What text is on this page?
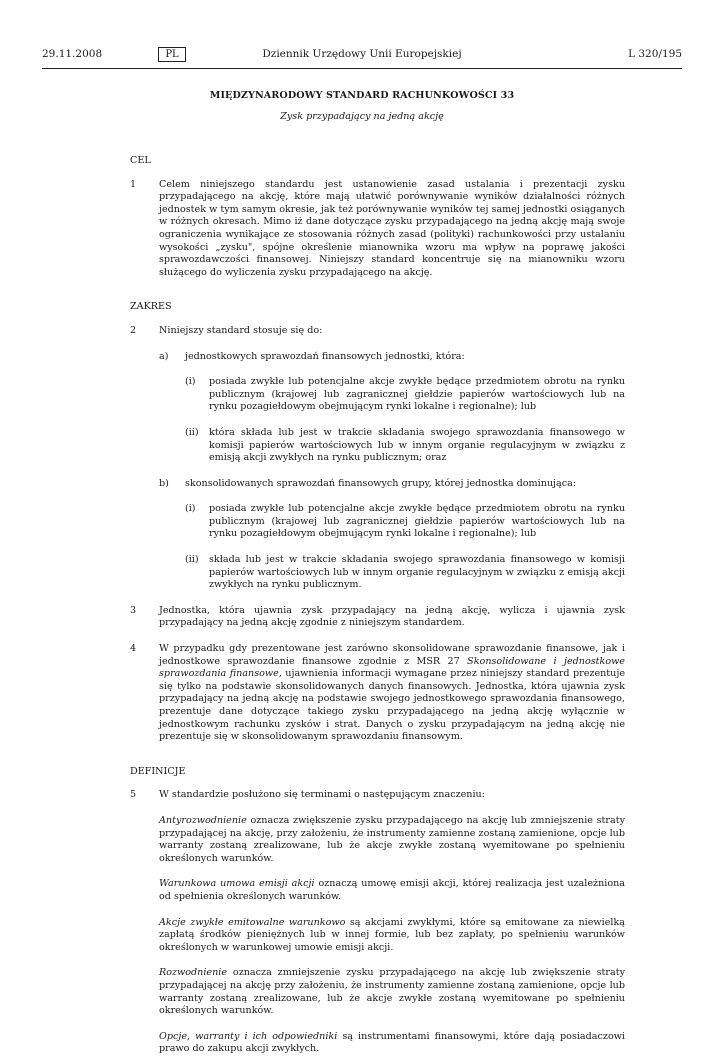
29.11.2008	PL	Dziennik Urzędowy Unii Europejskiej	L 320/195
MIĘDZYNARODOWY STANDARD RACHUNKOWOŚCI 33
Zysk przypadający na jedną akcję

CEL

1 Celem niniejszego standardu jest ustanowienie zasad ustalania i prezentacji zysku przypadającego na akcję, które mają ułatwić porównywanie wyników działalności różnych jednostek w tym samym okresie, jak też porównywanie wyników tej samej jednostki osiąganych w różnych okresach. Mimo iż dane dotyczące zysku przypadającego na jedną akcję mają swoje ograniczenia wynikające ze stosowania różnych zasad (polityki) rachunkowości przy ustalaniu wysokości „zysku", spójne określenie mianownika wzoru ma wpływ na poprawę jakości sprawozdawczości finansowej. Niniejszy standard koncentruje się na mianowniku wzoru służącego do wyliczenia zysku przypadającego na akcję.

ZAKRES

2 Niniejszy standard stosuje się do:
a) jednostkowych sprawozdań finansowych jednostki, która:
(i) posiada zwykłe lub potencjalne akcje zwykłe będące przedmiotem obrotu na rynku publicznym (krajowej lub zagranicznej giełdzie papierów wartościowych lub na rynku pozagiełdowym obejmującym rynki lokalne i regionalne); lub
(ii) która składa lub jest w trakcie składania swojego sprawozdania finansowego w komisji papierów wartościowych lub w innym organie regulacyjnym w związku z emisją akcji zwykłych na rynku publicznym; oraz
b) skonsolidowanych sprawozdań finansowych grupy, której jednostka dominująca:
(i) posiada zwykłe lub potencjalne akcje zwykłe będące przedmiotem obrotu na rynku publicznym (krajowej lub zagranicznej giełdzie papierów wartościowych lub na rynku pozagiełdowym obejmującym rynki lokalne i regionalne); lub
(ii) składa lub jest w trakcie składania swojego sprawozdania finansowego w komisji papierów wartościowych lub w innym organie regulacyjnym w związku z emisją akcji zwykłych na rynku publicznym.
3 Jednostka, która ujawnia zysk przypadający na jedną akcję, wylicza i ujawnia zysk przypadający na jedną akcję zgodnie z niniejszym standardem.
4 W przypadku gdy prezentowane jest zarówno skonsolidowane sprawozdanie finansowe, jak i jednostkowe sprawozdanie finansowe zgodnie z MSR 27 Skonsolidowane i jednostkowe sprawozdania finansowe, ujawnienia informacji wymagane przez niniejszy standard prezentuje się tylko na podstawie skonsolidowanych danych finansowych. Jednostka, która ujawnia zysk przypadający na jedną akcję na podstawie swojego jednostkowego sprawozdania finansowego, prezentuje dane dotyczące takiego zysku przypadającego na jedną akcję wyłącznie w jednostkowym rachunku zysków i strat. Danych o zysku przypadającym na jedną akcję nie prezentuje się w skonsolidowanym sprawozdaniu finansowym.

DEFINICJE

5 W standardzie posłużono się terminami o następującym znaczeniu:
Antyrozwodnienie oznacza zwiększenie zysku przypadającego na akcję lub zmniejszenie straty przypadającej na akcję, przy założeniu, że instrumenty zamienne zostaną zamienione, opcje lub warranty zostaną zrealizowane, lub że akcje zwykłe zostaną wyemitowane po spełnieniu określonych warunków.
Warunkowa umowa emisji akcji oznaczą umowę emisji akcji, której realizacja jest uzależniona od spełnienia określonych warunków.
Akcje zwykłe emitowalne warunkowo są akcjami zwykłymi, które są emitowane za niewielką zapłatą środków pieniężnych lub w innej formie, lub bez zapłaty, po spełnieniu warunków określonych w warunkowej umowie emisji akcji.
Rozwodnienie oznacza zmniejszenie zysku przypadającego na akcję lub zwiększenie straty przypadającej na akcję przy założeniu, że instrumenty zamienne zostaną zamienione, opcje lub warranty zostaną zrealizowane, lub że akcje zwykłe zostaną wyemitowane po spełnieniu określonych warunków.
Opcje, warranty i ich odpowiedniki są instrumentami finansowymi, które dają posiadaczowi prawo do zakupu akcji zwykłych.
